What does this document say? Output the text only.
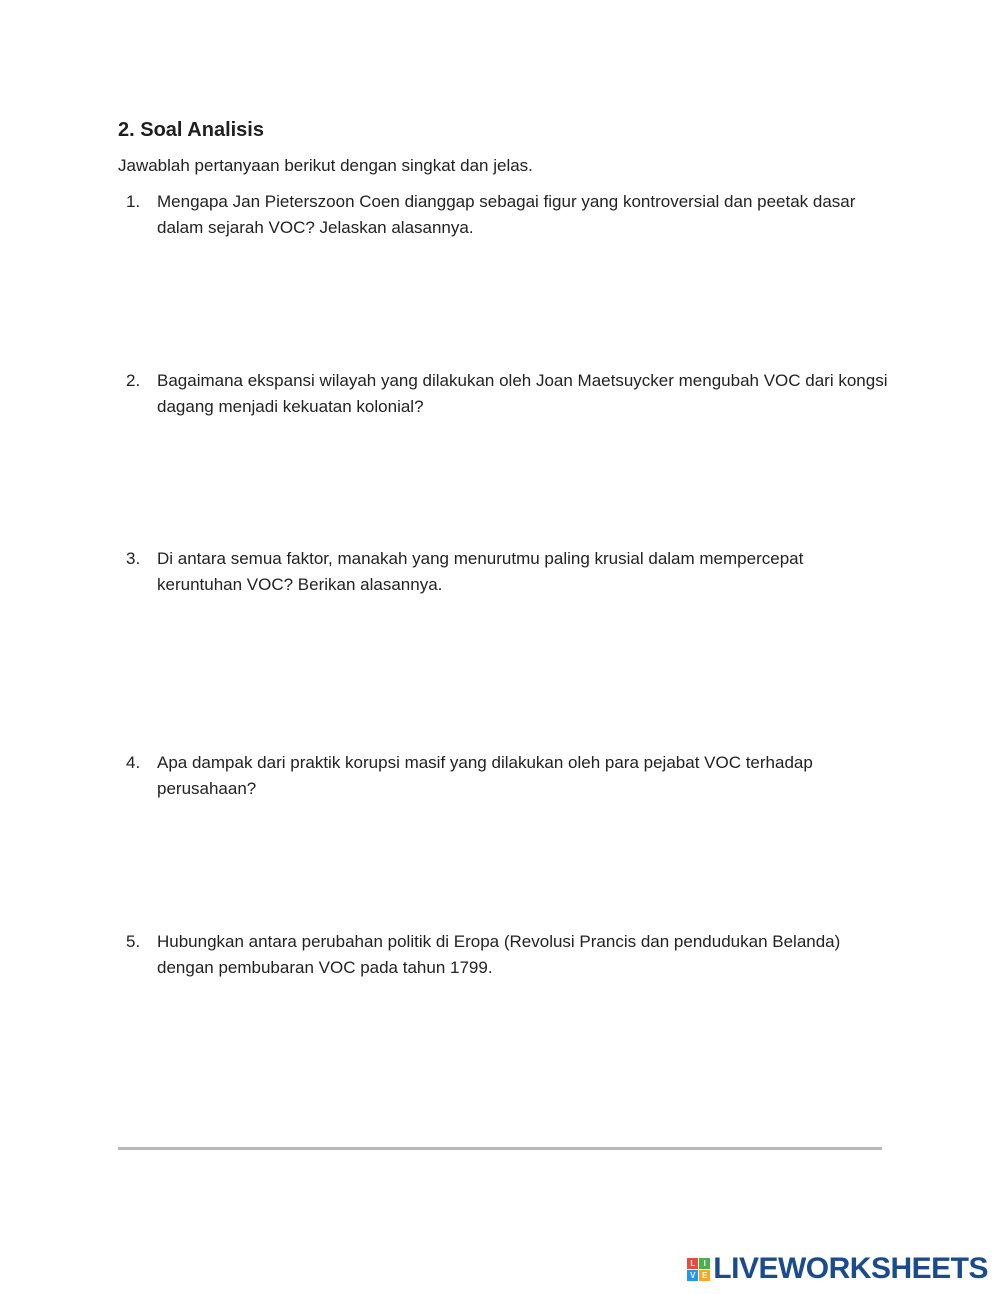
2. Soal Analisis

Jawablah pertanyaan berikut dengan singkat dan jelas.

1. Mengapa Jan Pieterszoon Coen dianggap sebagai figur yang kontroversial dan peetak dasar dalam sejarah VOC? Jelaskan alasannya.
2. Bagaimana ekspansi wilayah yang dilakukan oleh Joan Maetsuycker mengubah VOC dari kongsi dagang menjadi kekuatan kolonial?
3. Di antara semua faktor, manakah yang menurutmu paling krusial dalam mempercepat keruntuhan VOC? Berikan alasannya.
4. Apa dampak dari praktik korupsi masif yang dilakukan oleh para pejabat VOC terhadap perusahaan?
5. Hubungkan antara perubahan politik di Eropa (Revolusi Prancis dan pendudukan Belanda) dengan pembubaran VOC pada tahun 1799.
L	I
V E LIVEWORKSHEETS
